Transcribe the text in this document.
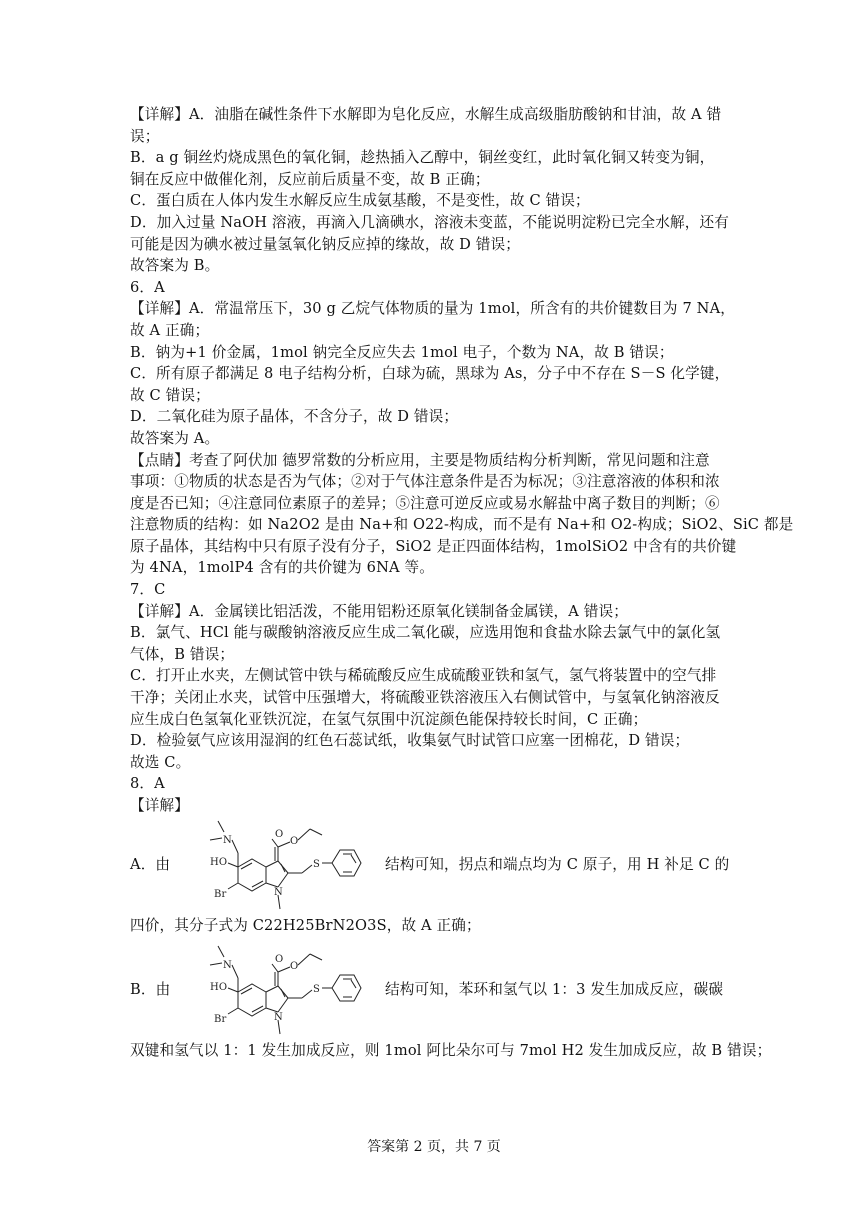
【详解】A．油脂在碱性条件下水解即为皂化反应，水解生成高级脂肪酸钠和甘油，故 A 错
误；
B．a g 铜丝灼烧成黑色的氧化铜，趁热插入乙醇中，铜丝变红，此时氧化铜又转变为铜，
铜在反应中做催化剂，反应前后质量不变，故 B 正确；
C．蛋白质在人体内发生水解反应生成氨基酸，不是变性，故 C 错误；
D．加入过量 NaOH 溶液，再滴入几滴碘水，溶液未变蓝，不能说明淀粉已完全水解，还有
可能是因为碘水被过量氢氧化钠反应掉的缘故，故 D 错误；
故答案为 B。
6．A
【详解】A．常温常压下，30 g 乙烷气体物质的量为 1mol，所含有的共价键数目为 7 NA，
故 A 正确；
B．钠为+1 价金属，1mol 钠完全反应失去 1mol 电子，个数为 NA，故 B 错误；
C．所有原子都满足 8 电子结构分析，白球为硫，黑球为 As，分子中不存在 S－S 化学键，
故 C 错误；
D．二氧化硅为原子晶体，不含分子，故 D 错误；
故答案为 A。
【点睛】考查了阿伏加 德罗常数的分析应用，主要是物质结构分析判断，常见问题和注意
事项：①物质的状态是否为气体；②对于气体注意条件是否为标况；③注意溶液的体积和浓
度是否已知；④注意同位素原子的差异；⑤注意可逆反应或易水解盐中离子数目的判断；⑥
注意物质的结构：如 Na2O2 是由 Na+和 O22-构成，而不是有 Na+和 O2-构成；SiO2、SiC 都是
原子晶体，其结构中只有原子没有分子，SiO2 是正四面体结构，1molSiO2 中含有的共价键
为 4NA，1molP4 含有的共价键为 6NA 等。
7．C
【详解】A．金属镁比铝活泼，不能用铝粉还原氧化镁制备金属镁，A 错误；
B．氯气、HCl 能与碳酸钠溶液反应生成二氧化碳，应选用饱和食盐水除去氯气中的氯化氢
气体，B 错误；
C．打开止水夹，左侧试管中铁与稀硫酸反应生成硫酸亚铁和氢气，氢气将装置中的空气排
干净；关闭止水夹，试管中压强增大，将硫酸亚铁溶液压入右侧试管中，与氢氧化钠溶液反
应生成白色氢氧化亚铁沉淀，在氢气氛围中沉淀颜色能保持较长时间，C 正确；
D．检验氨气应该用湿润的红色石蕊试纸，收集氨气时试管口应塞一团棉花，D 错误；
故选 C。
8．A
【详解】
A．由
O
O
N
HO
Br
S
N
结构可知，拐点和端点均为 C 原子，用 H 补足 C 的
四价，其分子式为 C22H25BrN2O3S，故 A 正确；
B．由
O
O
N
HO
Br
S
N
结构可知，苯环和氢气以 1：3 发生加成反应，碳碳
双键和氢气以 1：1 发生加成反应，则 1mol 阿比朵尔可与 7mol H2 发生加成反应，故 B 错误；
答案第 2 页，共 7 页
